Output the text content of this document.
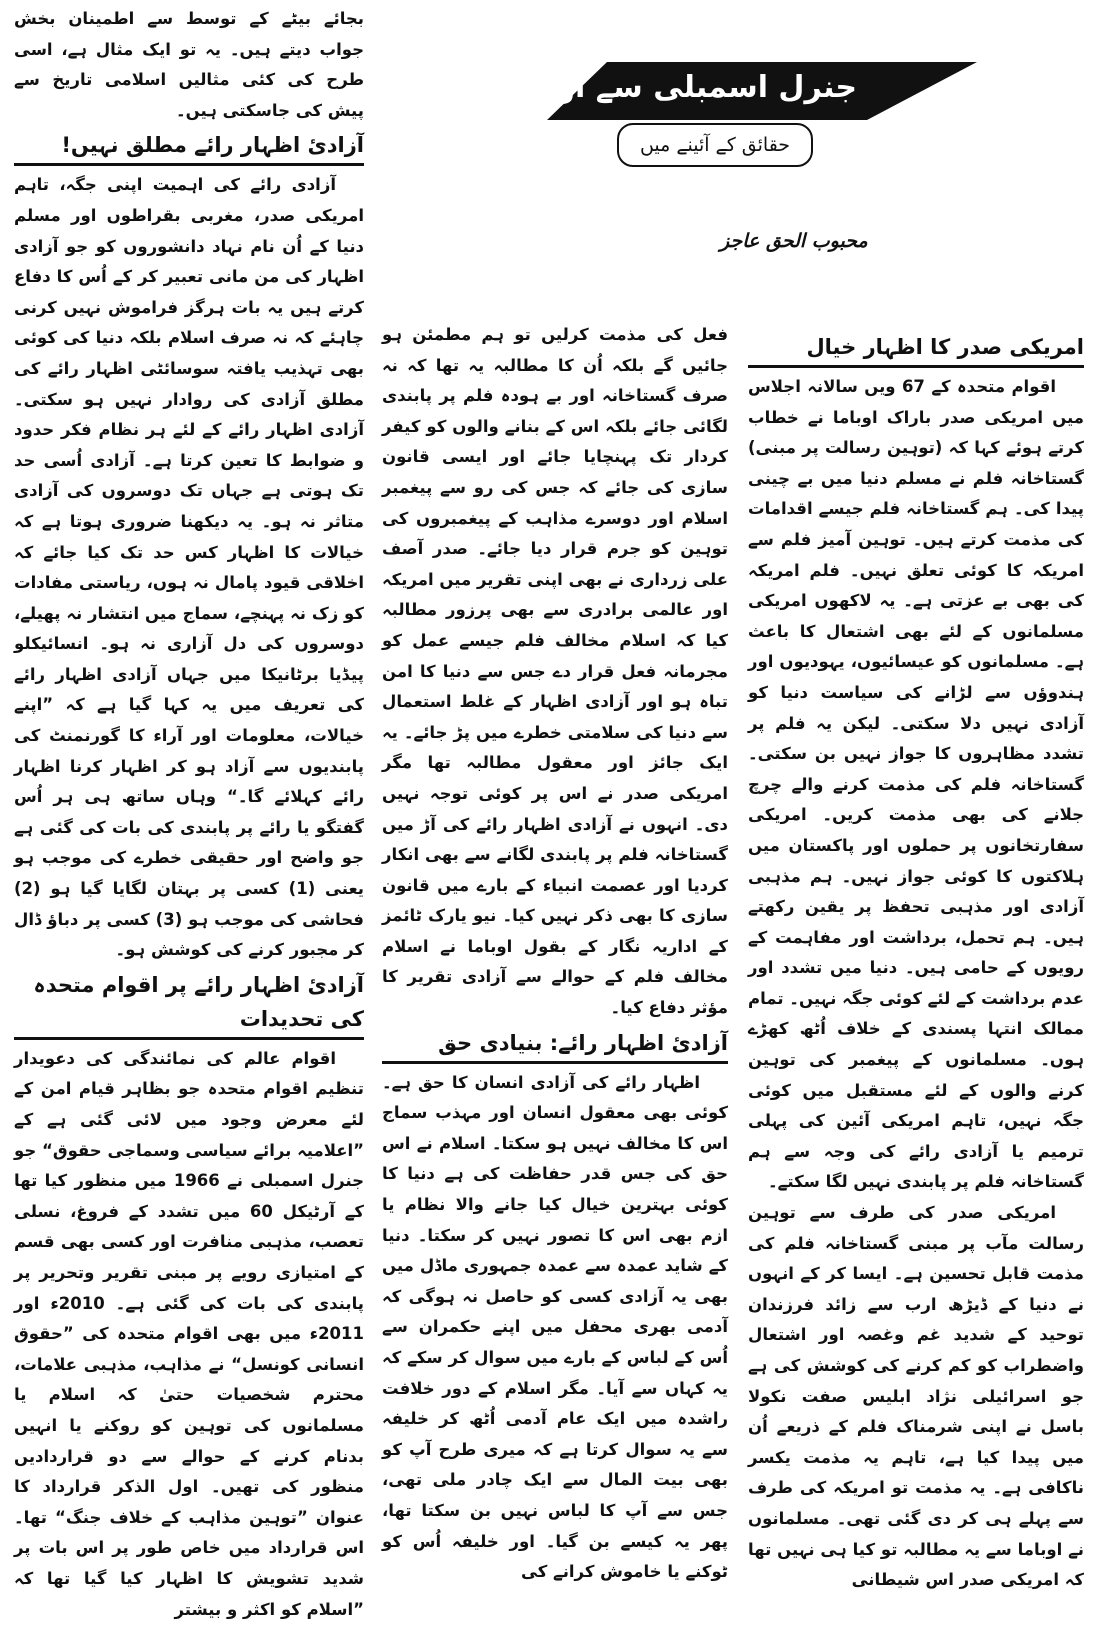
جنرل اسمبلی سے اوباما کا خطاب
حقائق کے آئینے میں
محبوب الحق عاجز

بجائے بیٹے کے توسط سے اطمینان بخش جواب دیتے ہیں۔ یہ تو ایک مثال ہے، اسی طرح کی کئی مثالیں اسلامی تاریخ سے پیش کی جاسکتی ہیں۔

آزادیٔ اظہار رائے مطلق نہیں!

آزادی رائے کی اہمیت اپنی جگہ، تاہم امریکی صدر، مغربی بقراطوں اور مسلم دنیا کے اُن نام نہاد دانشوروں کو جو آزادی اظہار کی من مانی تعبیر کر کے اُس کا دفاع کرتے ہیں یہ بات ہرگز فراموش نہیں کرنی چاہئے کہ نہ صرف اسلام بلکہ دنیا کی کوئی بھی تہذیب یافتہ سوسائٹی اظہار رائے کی مطلق آزادی کی روادار نہیں ہو سکتی۔ آزادی اظہار رائے کے لئے ہر نظام فکر حدود و ضوابط کا تعین کرتا ہے۔ آزادی اُسی حد تک ہوتی ہے جہاں تک دوسروں کی آزادی متاثر نہ ہو۔ یہ دیکھنا ضروری ہوتا ہے کہ خیالات کا اظہار کس حد تک کیا جائے کہ اخلاقی قیود پامال نہ ہوں، ریاستی مفادات کو زک نہ پہنچے، سماج میں انتشار نہ پھیلے، دوسروں کی دل آزاری نہ ہو۔ انسائیکلو پیڈیا برٹانیکا میں جہاں آزادی اظہار رائے کی تعریف میں یہ کہا گیا ہے کہ ”اپنے خیالات، معلومات اور آراء کا گورنمنٹ کی پابندیوں سے آزاد ہو کر اظہار کرنا اظہار رائے کہلائے گا۔“ وہاں ساتھ ہی ہر اُس گفتگو یا رائے پر پابندی کی بات کی گئی ہے جو واضح اور حقیقی خطرے کی موجب ہو یعنی (1) کسی پر بہتان لگایا گیا ہو (2) فحاشی کی موجب ہو (3) کسی پر دباؤ ڈال کر مجبور کرنے کی کوشش ہو۔

آزادیٔ اظہار رائے پر اقوام متحدہ کی تحدیدات

اقوام عالم کی نمائندگی کی دعویدار تنظیم اقوام متحدہ جو بظاہر قیام امن کے لئے معرض وجود میں لائی گئی ہے کے ”اعلامیہ برائے سیاسی وسماجی حقوق“ جو جنرل اسمبلی نے 1966 میں منظور کیا تھا کے آرٹیکل 60 میں تشدد کے فروغ، نسلی تعصب، مذہبی منافرت اور کسی بھی قسم کے امتیازی رویے پر مبنی تقریر وتحریر پر پابندی کی بات کی گئی ہے۔ 2010ء اور 2011ء میں بھی اقوام متحدہ کی ”حقوق انسانی کونسل“ نے مذاہب، مذہبی علامات، محترم شخصیات حتیٰ کہ اسلام یا مسلمانوں کی توہین کو روکنے یا انہیں بدنام کرنے کے حوالے سے دو قراردادیں منظور کی تھیں۔ اول الذکر قرارداد کا عنوان ”توہین مذاہب کے خلاف جنگ“ تھا۔ اس قرارداد میں خاص طور پر اس بات پر شدید تشویش کا اظہار کیا گیا تھا کہ ”اسلام کو اکثر و بیشتر

فعل کی مذمت کرلیں تو ہم مطمئن ہو جائیں گے بلکہ اُن کا مطالبہ یہ تھا کہ نہ صرف گستاخانہ اور بے ہودہ فلم پر پابندی لگائی جائے بلکہ اس کے بنانے والوں کو کیفر کردار تک پہنچایا جائے اور ایسی قانون سازی کی جائے کہ جس کی رو سے پیغمبر اسلام اور دوسرے مذاہب کے پیغمبروں کی توہین کو جرم قرار دیا جائے۔ صدر آصف علی زرداری نے بھی اپنی تقریر میں امریکہ اور عالمی برادری سے بھی پرزور مطالبہ کیا کہ اسلام مخالف فلم جیسے عمل کو مجرمانہ فعل قرار دے جس سے دنیا کا امن تباہ ہو اور آزادی اظہار کے غلط استعمال سے دنیا کی سلامتی خطرے میں پڑ جائے۔ یہ ایک جائز اور معقول مطالبہ تھا مگر امریکی صدر نے اس پر کوئی توجہ نہیں دی۔ انہوں نے آزادی اظہار رائے کی آڑ میں گستاخانہ فلم پر پابندی لگانے سے بھی انکار کردیا اور عصمت انبیاء کے بارے میں قانون سازی کا بھی ذکر نہیں کیا۔ نیو یارک ٹائمز کے اداریہ نگار کے بقول اوباما نے اسلام مخالف فلم کے حوالے سے آزادی تقریر کا مؤثر دفاع کیا۔

آزادیٔ اظہار رائے: بنیادی حق

اظہار رائے کی آزادی انسان کا حق ہے۔ کوئی بھی معقول انسان اور مہذب سماج اس کا مخالف نہیں ہو سکتا۔ اسلام نے اس حق کی جس قدر حفاظت کی ہے دنیا کا کوئی بہترین خیال کیا جانے والا نظام یا ازم بھی اس کا تصور نہیں کر سکتا۔ دنیا کے شاید عمدہ سے عمدہ جمہوری ماڈل میں بھی یہ آزادی کسی کو حاصل نہ ہوگی کہ آدمی بھری محفل میں اپنے حکمران سے اُس کے لباس کے بارے میں سوال کر سکے کہ یہ کہاں سے آیا۔ مگر اسلام کے دور خلافت راشدہ میں ایک عام آدمی اُٹھ کر خلیفہ سے یہ سوال کرتا ہے کہ میری طرح آپ کو بھی بیت المال سے ایک چادر ملی تھی، جس سے آپ کا لباس نہیں بن سکتا تھا، پھر یہ کیسے بن گیا۔ اور خلیفہ اُس کو ٹوکنے یا خاموش کرانے کی

امریکی صدر کا اظہار خیال

اقوام متحدہ کے 67 ویں سالانہ اجلاس میں امریکی صدر باراک اوباما نے خطاب کرتے ہوئے کہا کہ (توہین رسالت پر مبنی) گستاخانہ فلم نے مسلم دنیا میں بے چینی پیدا کی۔ ہم گستاخانہ فلم جیسے اقدامات کی مذمت کرتے ہیں۔ توہین آمیز فلم سے امریکہ کا کوئی تعلق نہیں۔ فلم امریکہ کی بھی بے عزتی ہے۔ یہ لاکھوں امریکی مسلمانوں کے لئے بھی اشتعال کا باعث ہے۔ مسلمانوں کو عیسائیوں، یہودیوں اور ہندوؤں سے لڑانے کی سیاست دنیا کو آزادی نہیں دلا سکتی۔ لیکن یہ فلم پر تشدد مظاہروں کا جواز نہیں بن سکتی۔ گستاخانہ فلم کی مذمت کرنے والے چرچ جلانے کی بھی مذمت کریں۔ امریکی سفارتخانوں پر حملوں اور پاکستان میں ہلاکتوں کا کوئی جواز نہیں۔ ہم مذہبی آزادی اور مذہبی تحفظ پر یقین رکھتے ہیں۔ ہم تحمل، برداشت اور مفاہمت کے رویوں کے حامی ہیں۔ دنیا میں تشدد اور عدم برداشت کے لئے کوئی جگہ نہیں۔ تمام ممالک انتہا پسندی کے خلاف اُٹھ کھڑے ہوں۔ مسلمانوں کے پیغمبر کی توہین کرنے والوں کے لئے مستقبل میں کوئی جگہ نہیں، تاہم امریکی آئین کی پہلی ترمیم یا آزادی رائے کی وجہ سے ہم گستاخانہ فلم پر پابندی نہیں لگا سکتے۔

امریکی صدر کی طرف سے توہین رسالت مآب پر مبنی گستاخانہ فلم کی مذمت قابل تحسین ہے۔ ایسا کر کے انہوں نے دنیا کے ڈیڑھ ارب سے زائد فرزندان توحید کے شدید غم وغصہ اور اشتعال واضطراب کو کم کرنے کی کوشش کی ہے جو اسرائیلی نژاد ابلیس صفت نکولا باسل نے اپنی شرمناک فلم کے ذریعے اُن میں پیدا کیا ہے، تاہم یہ مذمت یکسر ناکافی ہے۔ یہ مذمت تو امریکہ کی طرف سے پہلے ہی کر دی گئی تھی۔ مسلمانوں نے اوباما سے یہ مطالبہ تو کیا ہی نہیں تھا کہ امریکی صدر اس شیطانی
